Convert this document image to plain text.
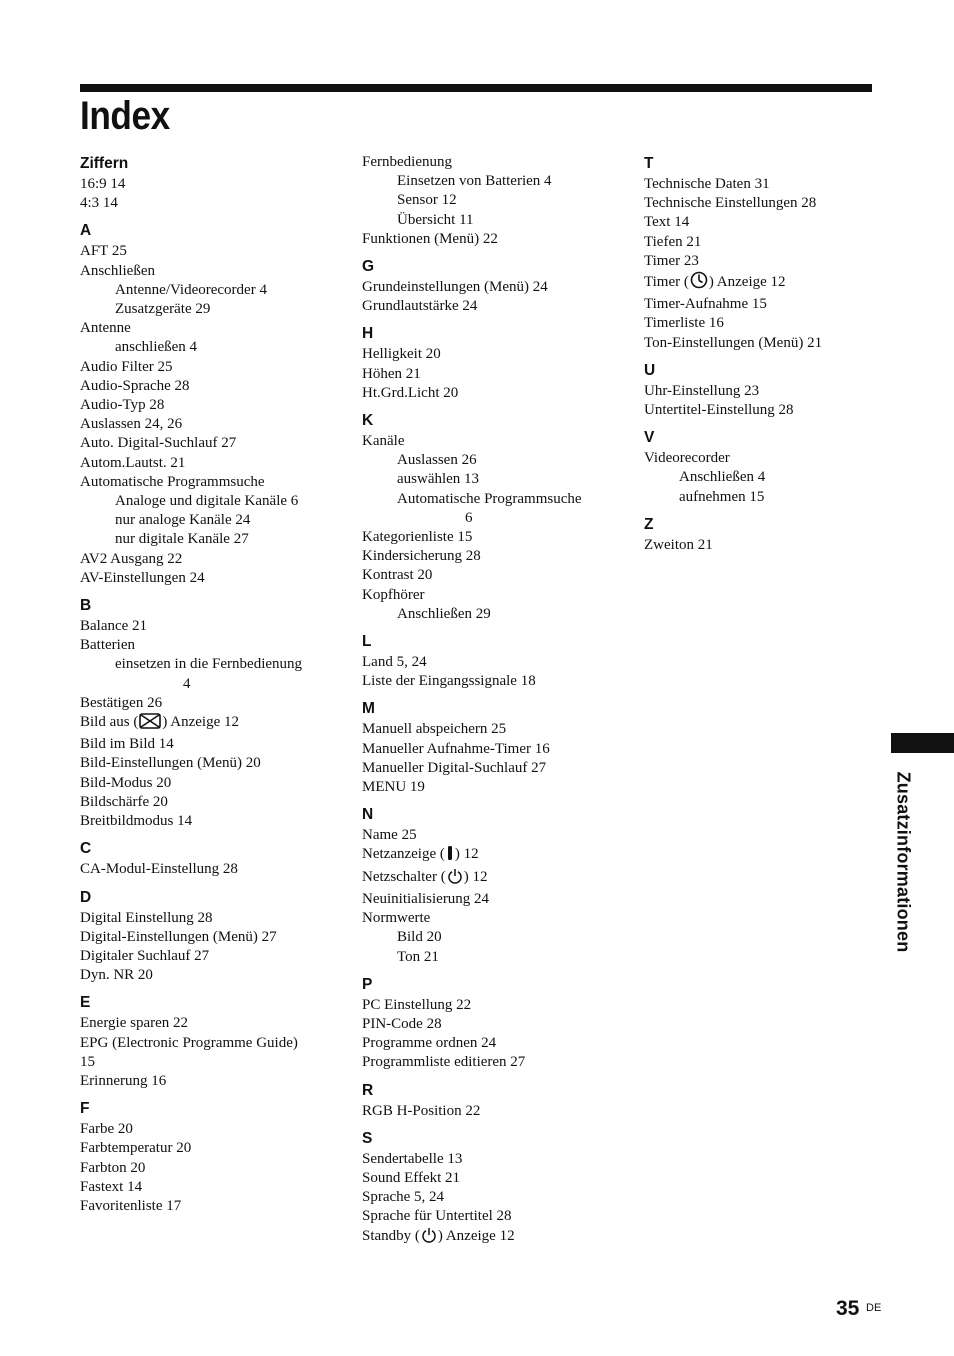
Index
Ziffern
16:9 14
4:3 14
A
AFT 25
Anschließen
Antenne/Videorecorder 4
Zusatzgeräte 29
Antenne
anschließen 4
Audio Filter 25
Audio-Sprache 28
Audio-Typ 28
Auslassen 24, 26
Auto. Digital-Suchlauf 27
Autom.Lautst. 21
Automatische Programmsuche
Analoge und digitale Kanäle 6
nur analoge Kanäle 24
nur digitale Kanäle 27
AV2 Ausgang 22
AV-Einstellungen 24
B
Balance 21
Batterien
einsetzen in die Fernbedienung
4
Bestätigen 26
Bild aus ( ) Anzeige 12
Bild im Bild 14
Bild-Einstellungen (Menü) 20
Bild-Modus 20
Bildschärfe 20
Breitbildmodus 14
C
CA-Modul-Einstellung 28
D
Digital Einstellung 28
Digital-Einstellungen (Menü) 27
Digitaler Suchlauf 27
Dyn. NR 20
E
Energie sparen 22
EPG (Electronic Programme Guide)
15
Erinnerung 16
F
Farbe 20
Farbtemperatur 20
Farbton 20
Fastext 14
Favoritenliste 17
Fernbedienung
Einsetzen von Batterien 4
Sensor 12
Übersicht 11
Funktionen (Menü) 22
G
Grundeinstellungen (Menü) 24
Grundlautstärke 24
H
Helligkeit 20
Höhen 21
Ht.Grd.Licht 20
K
Kanäle
Auslassen 26
auswählen 13
Automatische Programmsuche
6
Kategorienliste 15
Kindersicherung 28
Kontrast 20
Kopfhörer
Anschließen 29
L
Land 5, 24
Liste der Eingangssignale 18
M
Manuell abspeichern 25
Manueller Aufnahme-Timer 16
Manueller Digital-Suchlauf 27
MENU 19
N
Name 25
Netzanzeige ( ) 12
Netzschalter ( ) 12
Neuinitialisierung 24
Normwerte
Bild 20
Ton 21
P
PC Einstellung 22
PIN-Code 28
Programme ordnen 24
Programmliste editieren 27
R
RGB H-Position 22
S
Sendertabelle 13
Sound Effekt 21
Sprache 5, 24
Sprache für Untertitel 28
Standby ( ) Anzeige 12
T
Technische Daten 31
Technische Einstellungen 28
Text 14
Tiefen 21
Timer 23
Timer ( ) Anzeige 12
Timer-Aufnahme 15
Timerliste 16
Ton-Einstellungen (Menü) 21
U
Uhr-Einstellung 23
Untertitel-Einstellung 28
V
Videorecorder
Anschließen 4
aufnehmen 15
Z
Zweiton 21
Zusatzinformationen
35 DE
